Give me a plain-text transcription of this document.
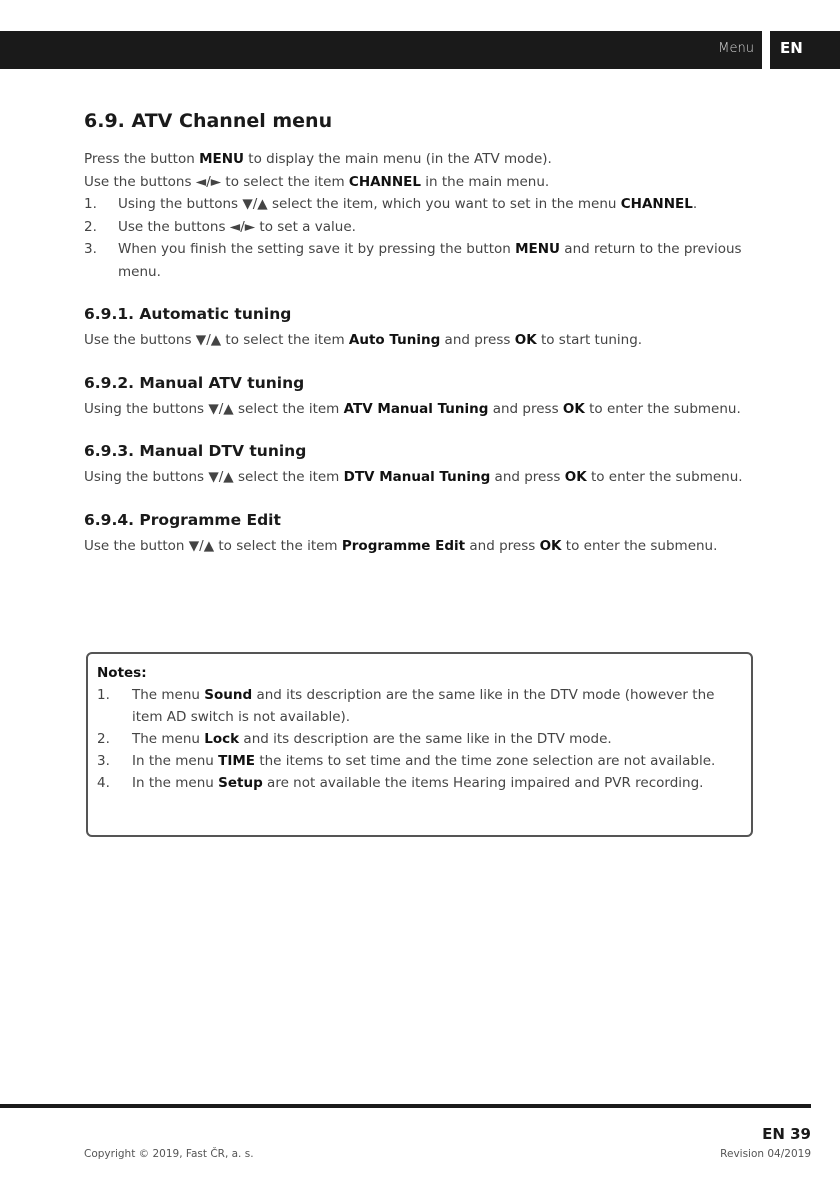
Menu	EN
6.9. ATV Channel menu

Press the button MENU to display the main menu (in the ATV mode).

Use the buttons ◄/► to select the item CHANNEL in the main menu.

1. Using the buttons ▼/▲ select the item, which you want to set in the menu CHANNEL.
2. Use the buttons ◄/► to set a value.
3. When you finish the setting save it by pressing the button MENU and return to the previous menu.
6.9.1. Automatic tuning

Use the buttons ▼/▲ to select the item Auto Tuning and press OK to start tuning.

6.9.2. Manual ATV tuning

Using the buttons ▼/▲ select the item ATV Manual Tuning and press OK to enter the submenu.

6.9.3. Manual DTV tuning

Using the buttons ▼/▲ select the item DTV Manual Tuning and press OK to enter the submenu.

6.9.4. Programme Edit

Use the button ▼/▲ to select the item Programme Edit and press OK to enter the submenu.

Notes:
1. The menu Sound and its description are the same like in the DTV mode (however the item AD switch is not available).
2. The menu Lock and its description are the same like in the DTV mode.
3. In the menu TIME the items to set time and the time zone selection are not available.
4. In the menu Setup are not available the items Hearing impaired and PVR recording.
EN 39
Copyright © 2019, Fast ČR, a. s.	Revision 04/2019
